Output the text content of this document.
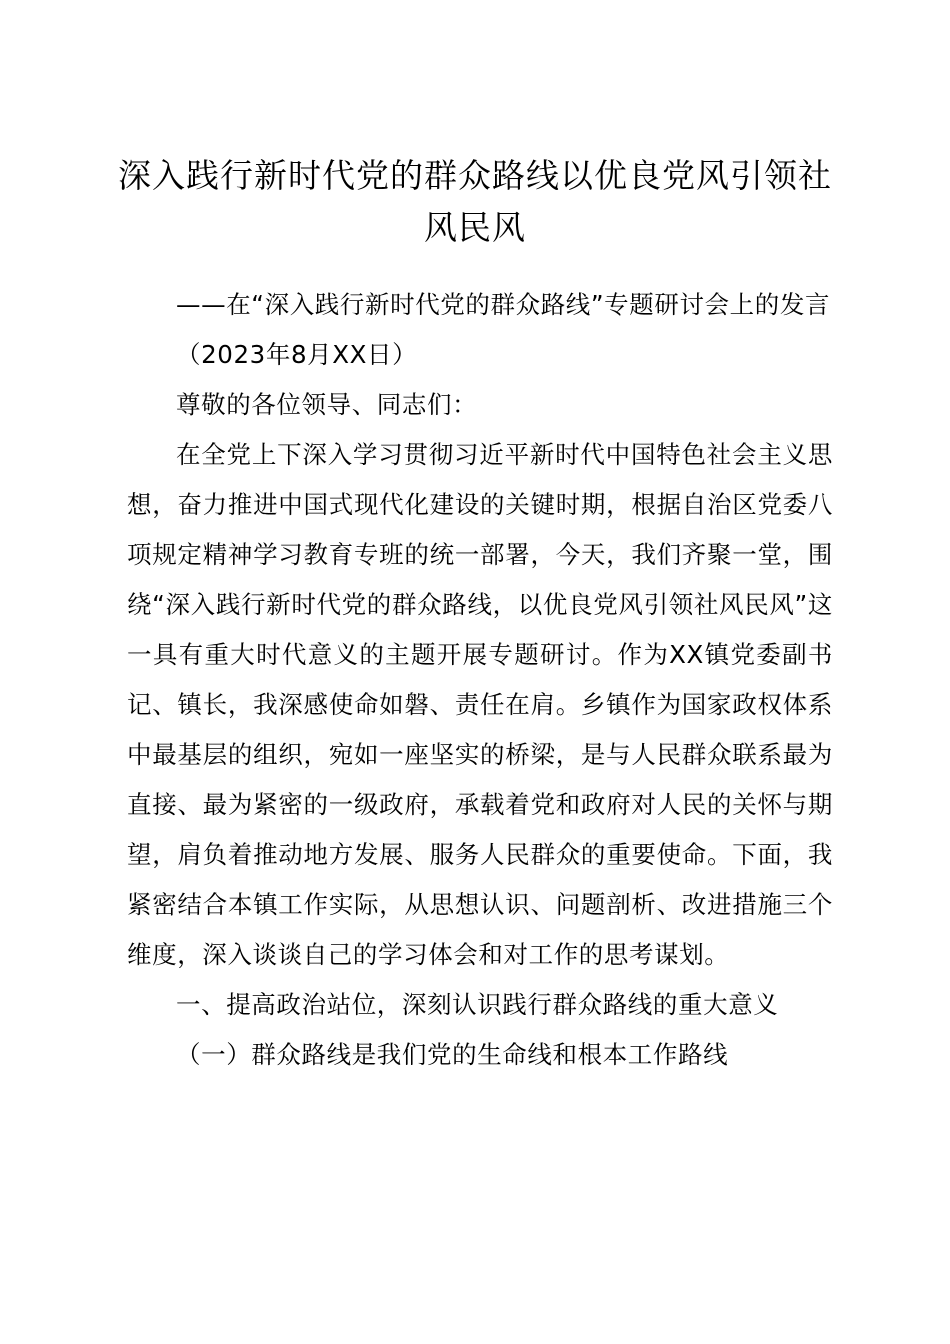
深入践行新时代党的群众路线以优良党风引领社风民风

——在“深入践行新时代党的群众路线”专题研讨会上的发言

（2023年8月XX日）

尊敬的各位领导、同志们：

在全党上下深入学习贯彻习近平新时代中国特色社会主义思想，奋力推进中国式现代化建设的关键时期，根据自治区党委八项规定精神学习教育专班的统一部署，今天，我们齐聚一堂，围绕“深入践行新时代党的群众路线，以优良党风引领社风民风”这一具有重大时代意义的主题开展专题研讨。作为XX镇党委副书记、镇长，我深感使命如磐、责任在肩。乡镇作为国家政权体系中最基层的组织，宛如一座坚实的桥梁，是与人民群众联系最为直接、最为紧密的一级政府，承载着党和政府对人民的关怀与期望，肩负着推动地方发展、服务人民群众的重要使命。下面，我紧密结合本镇工作实际，从思想认识、问题剖析、改进措施三个维度，深入谈谈自己的学习体会和对工作的思考谋划。

一、提高政治站位，深刻认识践行群众路线的重大意义

（一）群众路线是我们党的生命线和根本工作路线
